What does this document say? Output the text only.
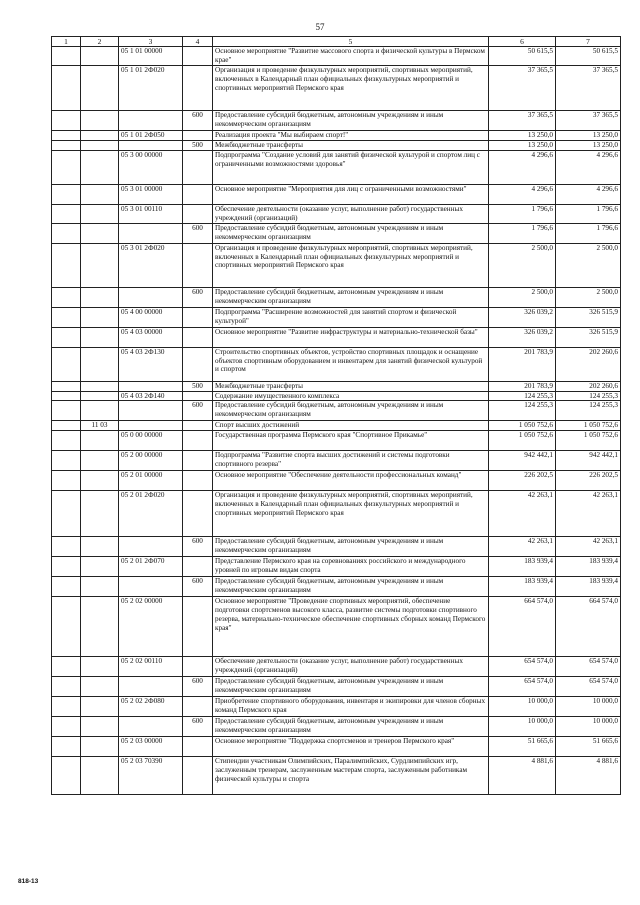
57
1	2	3	4	5	6	7
		05 1 01 00000		Основное мероприятие "Развитие массового спорта и физической культуры в Пермском крае"	50 615,5	50 615,5
		05 1 01 2Ф020		Организация и проведение физкультурных мероприятий, спортивных мероприятий, включенных в Календарный план официальных физкультурных мероприятий и спортивных мероприятий Пермского края	37 365,5	37 365,5
			600	Предоставление субсидий бюджетным, автономным учреждениям и иным некоммерческим организациям	37 365,5	37 365,5
		05 1 01 2Ф050		Реализация проекта "Мы выбираем спорт!"	13 250,0	13 250,0
			500	Межбюджетные трансферты	13 250,0	13 250,0
		05 3 00 00000		Подпрограмма "Создание условий для занятий физической культурой и спортом лиц с ограниченными возможностями здоровья"	4 296,6	4 296,6
		05 3 01 00000		Основное мероприятие "Мероприятия для лиц с ограниченными возможностями"	4 296,6	4 296,6
		05 3 01 00110		Обеспечение деятельности (оказание услуг, выполнение работ) государственных учреждений (организаций)	1 796,6	1 796,6
			600	Предоставление субсидий бюджетным, автономным учреждениям и иным некоммерческим организациям	1 796,6	1 796,6
		05 3 01 2Ф020		Организация и проведение физкультурных мероприятий, спортивных мероприятий, включенных в Календарный план официальных физкультурных мероприятий и спортивных мероприятий Пермского края	2 500,0	2 500,0
			600	Предоставление субсидий бюджетным, автономным учреждениям и иным некоммерческим организациям	2 500,0	2 500,0
		05 4 00 00000		Подпрограмма "Расширение возможностей для занятий спортом и физической культурой"	326 039,2	326 515,9
		05 4 03 00000		Основное мероприятие "Развитие инфраструктуры и материально-технической базы"	326 039,2	326 515,9
		05 4 03 2Ф130		Строительство спортивных объектов, устройство спортивных площадок и оснащение объектов спортивным оборудованием и инвентарем для занятий физической культурой и спортом	201 783,9	202 260,6
			500	Межбюджетные трансферты	201 783,9	202 260,6
		05 4 03 2Ф140		Содержание имущественного комплекса	124 255,3	124 255,3
			600	Предоставление субсидий бюджетным, автономным учреждениям и иным некоммерческим организациям	124 255,3	124 255,3
	11 03			Спорт высших достижений	1 050 752,6	1 050 752,6
		05 0 00 00000		Государственная программа Пермского края "Спортивное Прикамье"	1 050 752,6	1 050 752,6
		05 2 00 00000		Подпрограмма "Развитие спорта высших достижений и системы подготовки спортивного резерва"	942 442,1	942 442,1
		05 2 01 00000		Основное мероприятие "Обеспечение деятельности профессиональных команд"	226 202,5	226 202,5
		05 2 01 2Ф020		Организация и проведение физкультурных мероприятий, спортивных мероприятий, включенных в Календарный план официальных физкультурных мероприятий и спортивных мероприятий Пермского края	42 263,1	42 263,1
			600	Предоставление субсидий бюджетным, автономным учреждениям и иным некоммерческим организациям	42 263,1	42 263,1
		05 2 01 2Ф070		Представление Пермского края на соревнованиях российского и международного уровней по игровым видам спорта	183 939,4	183 939,4
			600	Предоставление субсидий бюджетным, автономным учреждениям и иным некоммерческим организациям	183 939,4	183 939,4
		05 2 02 00000		Основное мероприятие "Проведение спортивных мероприятий, обеспечение подготовки спортсменов высокого класса, развитие системы подготовки спортивного резерва, материально-техническое обеспечение спортивных сборных команд Пермского края"	664 574,0	664 574,0
		05 2 02 00110		Обеспечение деятельности (оказание услуг, выполнение работ) государственных учреждений (организаций)	654 574,0	654 574,0
			600	Предоставление субсидий бюджетным, автономным учреждениям и иным некоммерческим организациям	654 574,0	654 574,0
		05 2 02 2Ф080		Приобретение спортивного оборудования, инвентаря и экипировки для членов сборных команд Пермского края	10 000,0	10 000,0
			600	Предоставление субсидий бюджетным, автономным учреждениям и иным некоммерческим организациям	10 000,0	10 000,0
		05 2 03 00000		Основное мероприятие "Поддержка спортсменов и тренеров Пермского края"	51 665,6	51 665,6
		05 2 03 70390		Стипендии участникам Олимпийских, Паралимпийских, Сурдлимпийских игр, заслуженным тренерам, заслуженным мастерам спорта, заслуженным работникам физической культуры и спорта	4 881,6	4 881,6
818-13
